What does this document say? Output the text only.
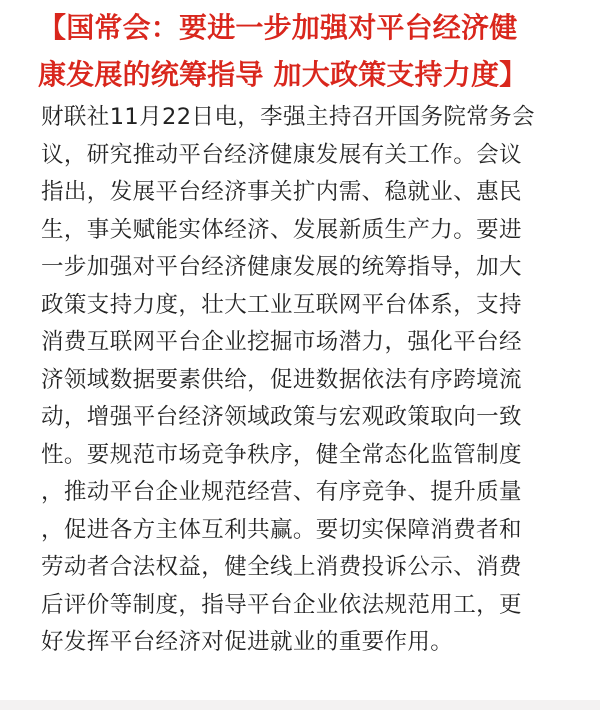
【国常会：要进一步加强对平台经济健
康发展的统筹指导 加大政策支持力度】
财联社11月22日电，李强主持召开国务院常务会
议，研究推动平台经济健康发展有关工作。会议
指出，发展平台经济事关扩内需、稳就业、惠民
生，事关赋能实体经济、发展新质生产力。要进
一步加强对平台经济健康发展的统筹指导，加大
政策支持力度，壮大工业互联网平台体系，支持
消费互联网平台企业挖掘市场潜力，强化平台经
济领域数据要素供给，促进数据依法有序跨境流
动，增强平台经济领域政策与宏观政策取向一致
性。要规范市场竞争秩序，健全常态化监管制度
，推动平台企业规范经营、有序竞争、提升质量
，促进各方主体互利共赢。要切实保障消费者和
劳动者合法权益，健全线上消费投诉公示、消费
后评价等制度，指导平台企业依法规范用工，更
好发挥平台经济对促进就业的重要作用。
